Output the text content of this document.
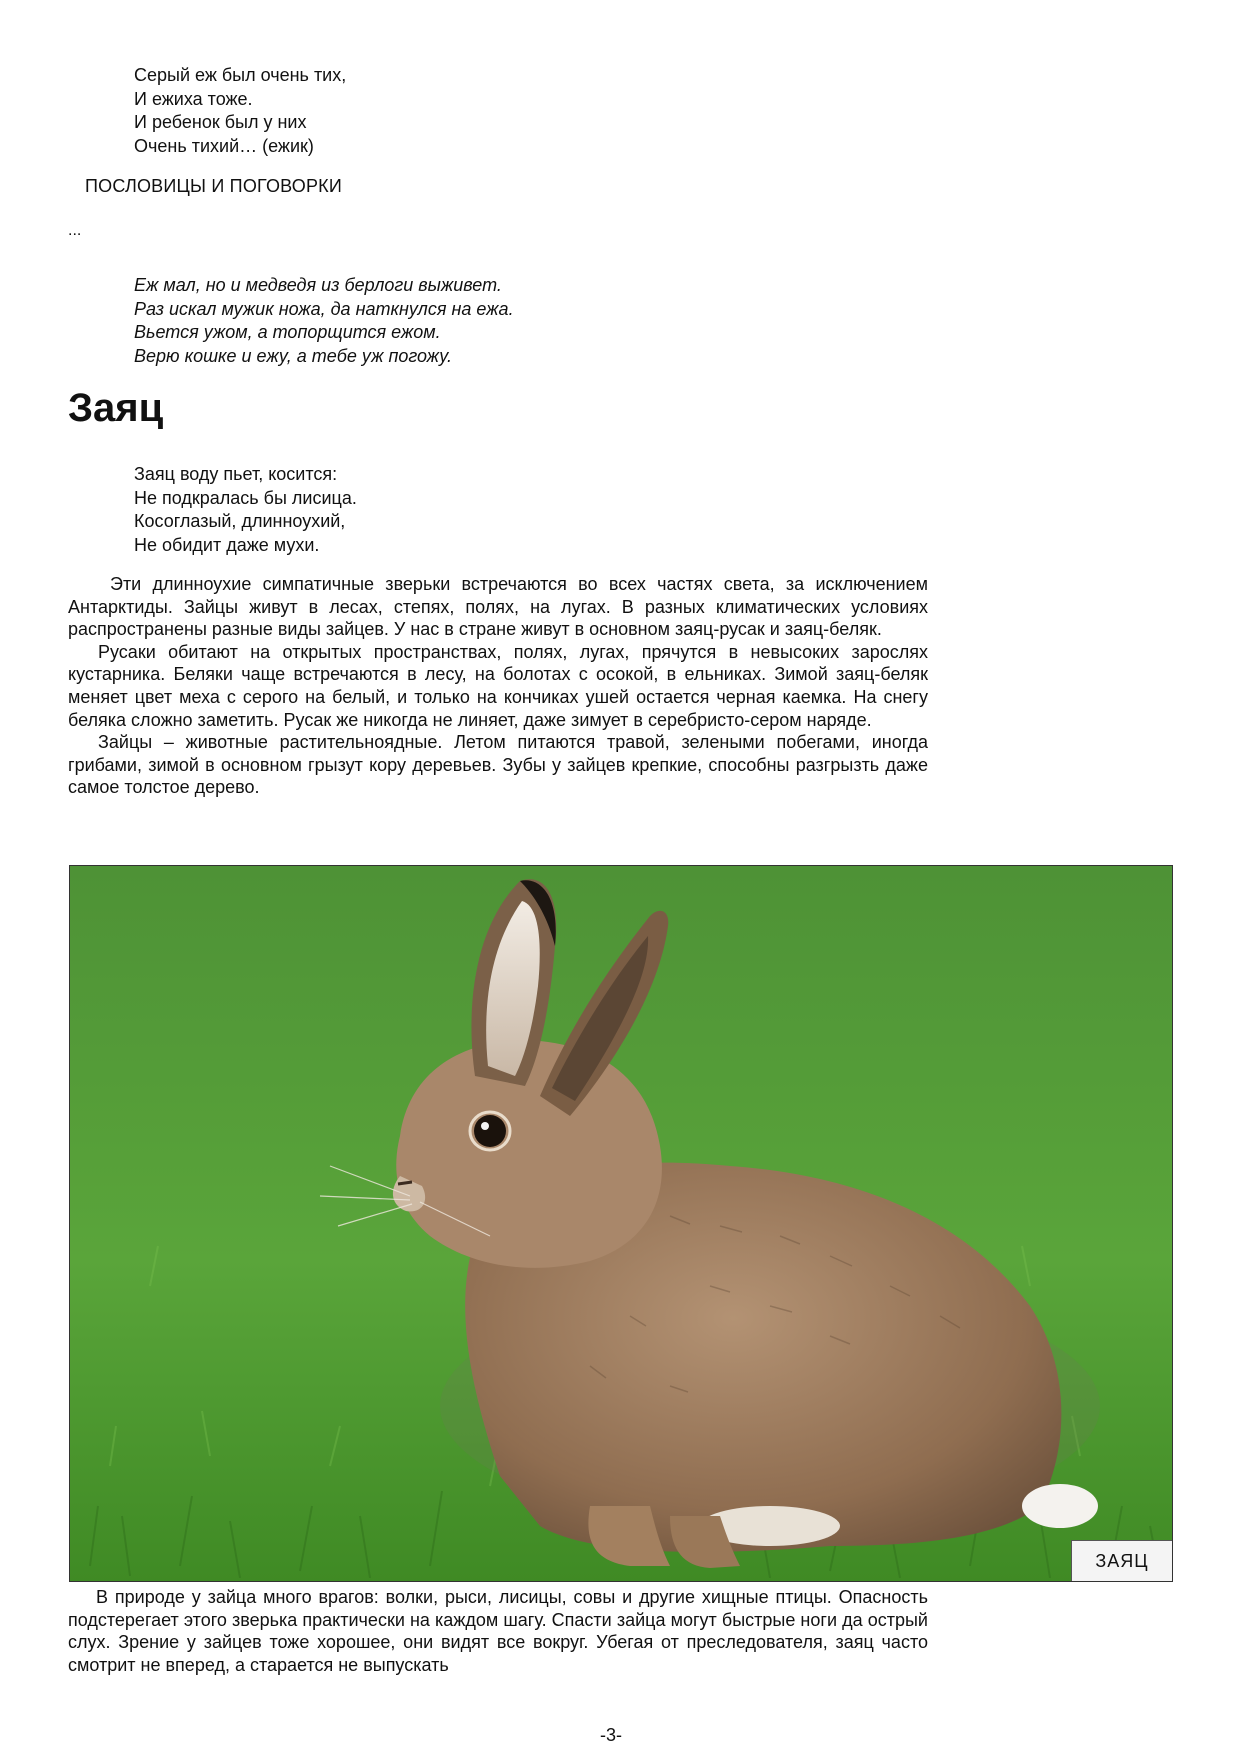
Серый еж был очень тих,
И ежиха тоже.
И ребенок был у них
Очень тихий… (ежик)
ПОСЛОВИЦЫ И ПОГОВОРКИ
...
Еж мал, но и медведя из берлоги выживет.
Раз искал мужик ножа, да наткнулся на ежа.
Вьется ужом, а топорщится ежом.
Верю кошке и ежу, а тебе уж погожу.
Заяц
Заяц воду пьет, косится:
Не подкралась бы лисица.
Косоглазый, длинноухий,
Не обидит даже мухи.

Эти длинноухие симпатичные зверьки встречаются во всех частях света, за исключением Антарктиды. Зайцы живут в лесах, степях, полях, на лугах. В разных климатических условиях распространены разные виды зайцев. У нас в стране живут в основном заяц-русак и заяц-беляк.

Русаки обитают на открытых пространствах, полях, лугах, прячутся в невысоких зарослях кустарника. Беляки чаще встречаются в лесу, на болотах с осокой, в ельниках. Зимой заяц-беляк меняет цвет меха с серого на белый, и только на кончиках ушей остается черная каемка. На снегу беляка сложно заметить. Русак же никогда не линяет, даже зимует в серебристо-сером наряде.

Зайцы – животные растительноядные. Летом питаются травой, зелеными побегами, иногда грибами, зимой в основном грызут кору деревьев. Зубы у зайцев крепкие, способны разгрызть даже самое толстое дерево.

ЗАЯЦ

В природе у зайца много врагов: волки, рыси, лисицы, совы и другие хищные птицы. Опасность подстерегает этого зверька практически на каждом шагу. Спасти зайца могут быстрые ноги да острый слух. Зрение у зайцев тоже хорошее, они видят все вокруг. Убегая от преследователя, заяц часто смотрит не вперед, а старается не выпускать

-3-
